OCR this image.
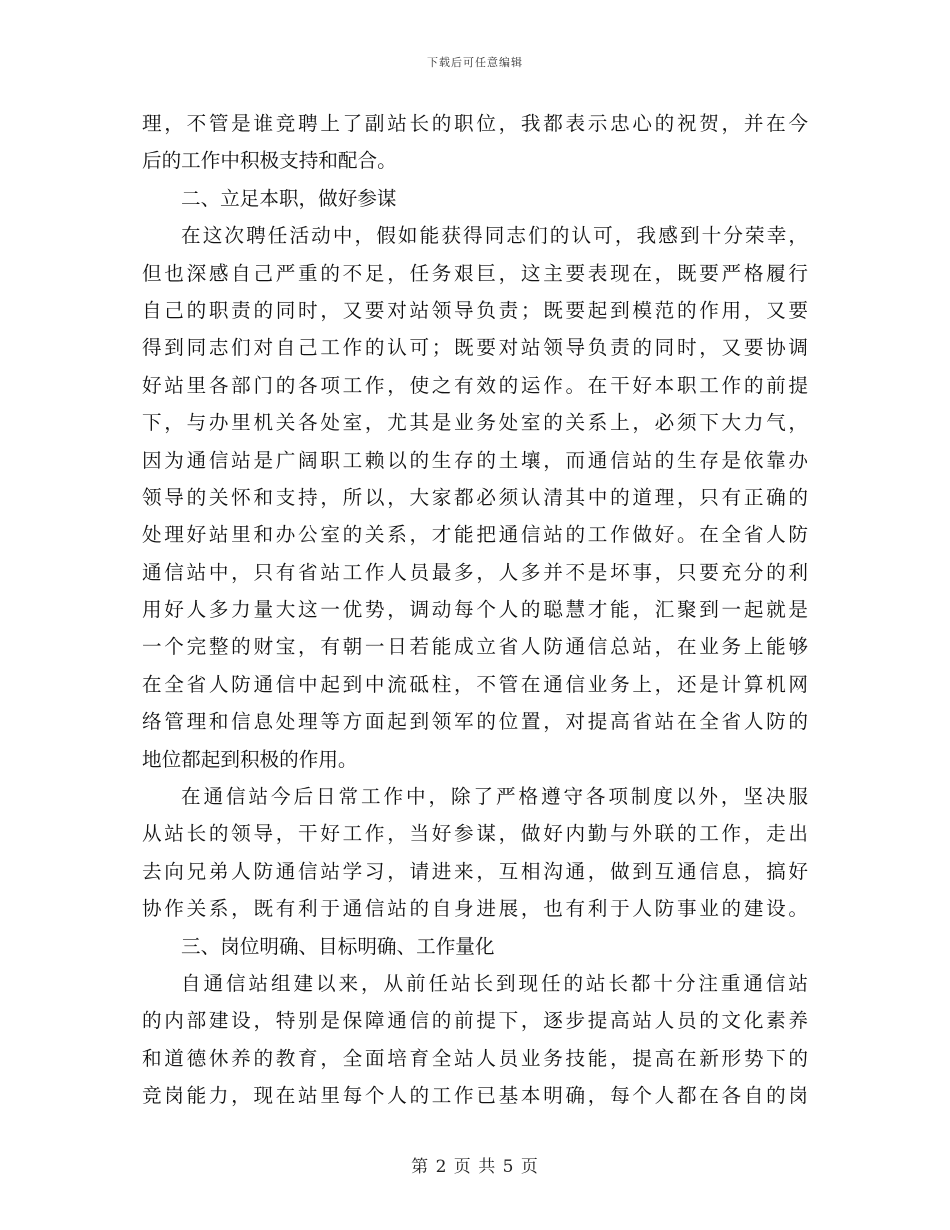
下载后可任意编辑
理，不管是谁竞聘上了副站长的职位，我都表示忠心的祝贺，并在今
后的工作中积极支持和配合。
二、立足本职，做好参谋
在这次聘任活动中，假如能获得同志们的认可，我感到十分荣幸，
但也深感自己严重的不足，任务艰巨，这主要表现在，既要严格履行
自己的职责的同时，又要对站领导负责；既要起到模范的作用，又要
得到同志们对自己工作的认可；既要对站领导负责的同时，又要协调
好站里各部门的各项工作，使之有效的运作。在干好本职工作的前提
下，与办里机关各处室，尤其是业务处室的关系上，必须下大力气，
因为通信站是广阔职工赖以的生存的土壤，而通信站的生存是依靠办
领导的关怀和支持，所以，大家都必须认清其中的道理，只有正确的
处理好站里和办公室的关系，才能把通信站的工作做好。在全省人防
通信站中，只有省站工作人员最多，人多并不是坏事，只要充分的利
用好人多力量大这一优势，调动每个人的聪慧才能，汇聚到一起就是
一个完整的财宝，有朝一日若能成立省人防通信总站，在业务上能够
在全省人防通信中起到中流砥柱，不管在通信业务上，还是计算机网
络管理和信息处理等方面起到领军的位置，对提高省站在全省人防的
地位都起到积极的作用。
在通信站今后日常工作中，除了严格遵守各项制度以外，坚决服
从站长的领导，干好工作，当好参谋，做好内勤与外联的工作，走出
去向兄弟人防通信站学习，请进来，互相沟通，做到互通信息，搞好
协作关系，既有利于通信站的自身进展，也有利于人防事业的建设。
三、岗位明确、目标明确、工作量化
自通信站组建以来，从前任站长到现任的站长都十分注重通信站
的内部建设，特别是保障通信的前提下，逐步提高站人员的文化素养
和道德休养的教育，全面培育全站人员业务技能，提高在新形势下的
竞岗能力，现在站里每个人的工作已基本明确，每个人都在各自的岗
第 2 页 共 5 页
